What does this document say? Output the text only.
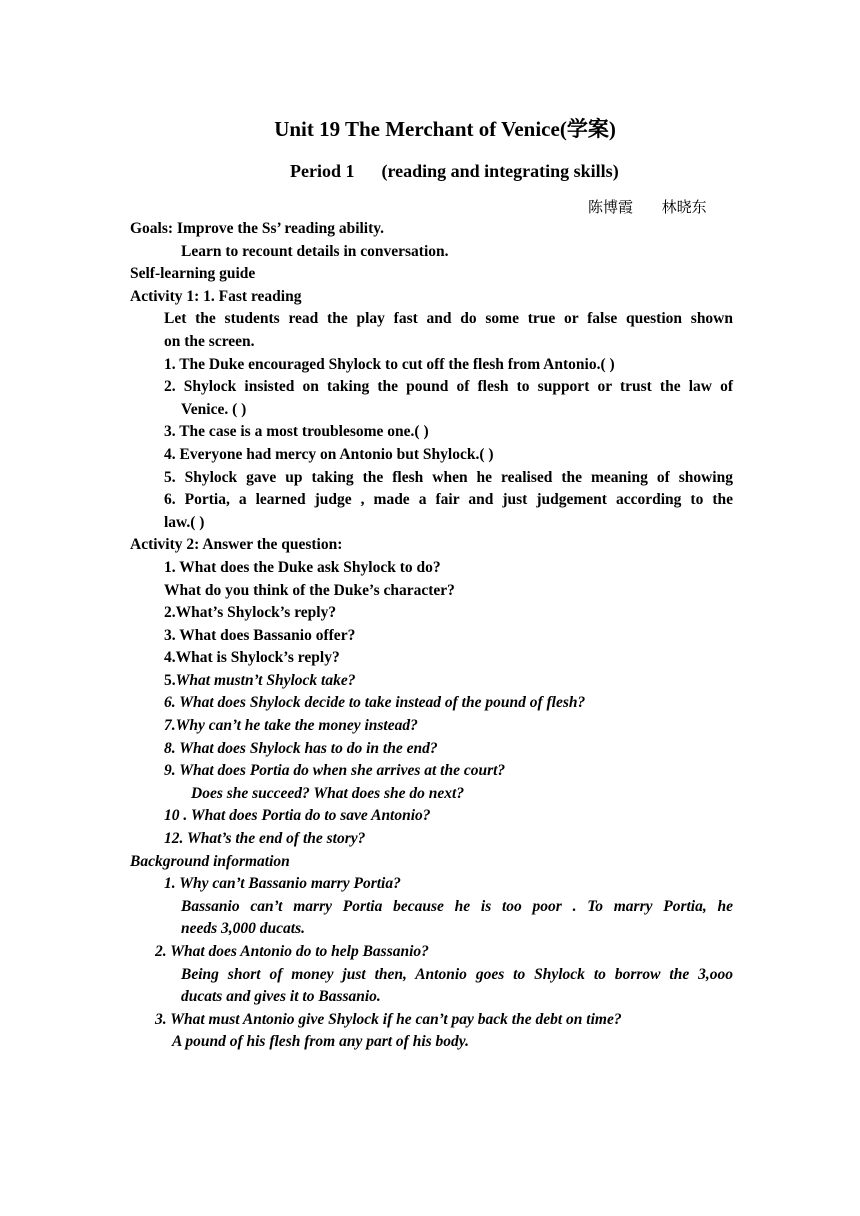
Unit 19 The Merchant of Venice(学案)
Period 1      (reading and integrating skills)
陈博霞      林晓东
Goals: Improve the Ss’ reading ability.
Learn to recount details in conversation.
Self-learning guide
Activity 1: 1. Fast reading
Let the students read the play fast and do some true or false question shown
on the screen.
1. The Duke encouraged Shylock to cut off the flesh from Antonio.( )
2. Shylock insisted on taking the pound of flesh to support or trust the law of
Venice. ( )
3. The case is a most troublesome one.( )
4. Everyone had mercy on Antonio but Shylock.( )
5. Shylock gave up taking the flesh when he realised the meaning of showing
6. Portia, a learned judge , made a fair and just judgement according to the
law.( )
Activity 2: Answer the question:
1. What does the Duke ask Shylock to do?
What do you think of the Duke’s character?
2.What’s Shylock’s reply?
3. What does Bassanio offer?
4.What is Shylock’s reply?
5.What mustn’t Shylock take?
6. What does Shylock decide to take instead of the pound of flesh?
7.Why can’t he take the money instead?
8. What does Shylock has to do in the end?
9. What does Portia do when she arrives at the court?
Does she succeed? What does she do next?
10 . What does Portia do to save Antonio?
12. What’s the end of the story?
Background information
1. Why can’t Bassanio marry Portia?
Bassanio can’t marry Portia because he is too poor . To marry Portia, he
needs 3,000 ducats.
2. What does Antonio do to help Bassanio?
Being short of money just then, Antonio goes to Shylock to borrow the 3,ooo
ducats and gives it to Bassanio.
3. What must Antonio give Shylock if he can’t pay back the debt on time?
A pound of his flesh from any part of his body.
